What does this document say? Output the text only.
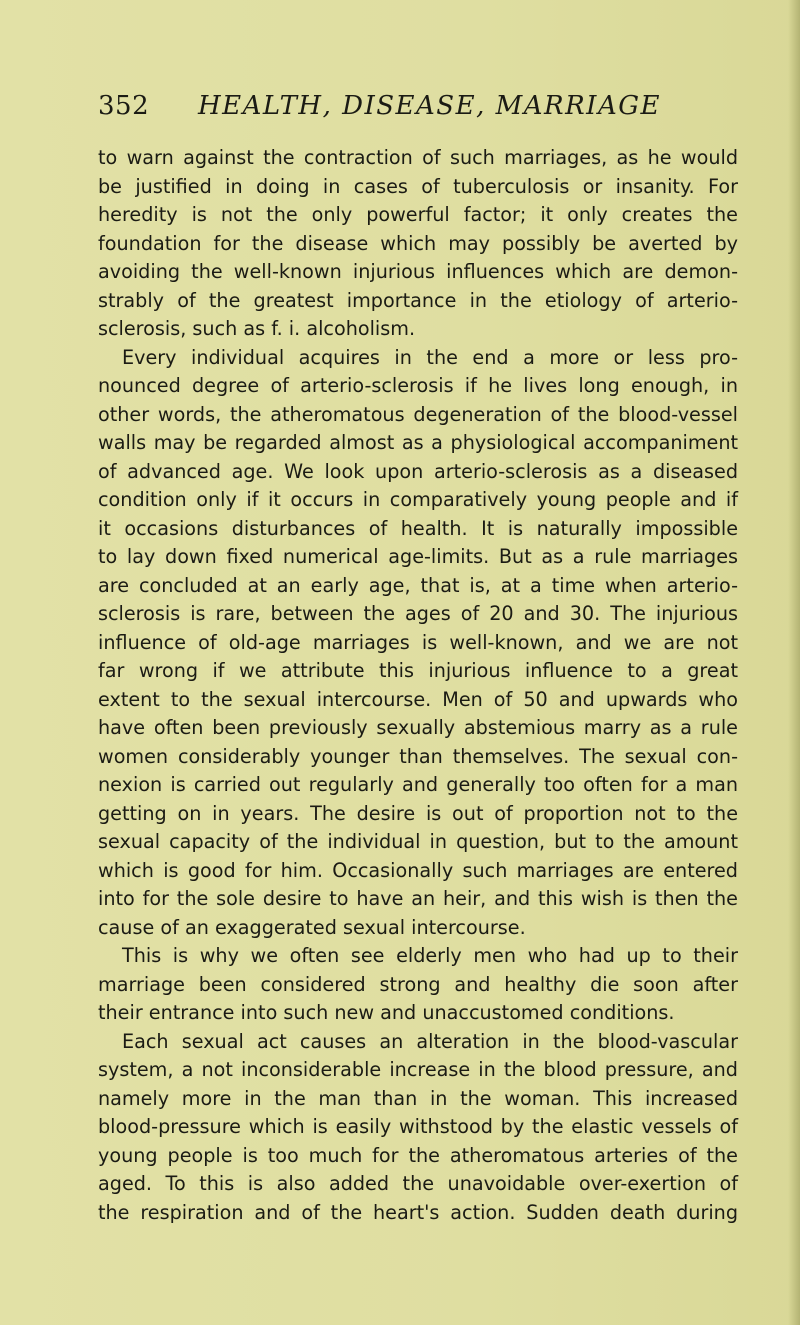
352 HEALTH, DISEASE, MARRIAGE
to warn against the contraction of such marriages, as he would
be justified in doing in cases of tuberculosis or insanity. For
heredity is not the only powerful factor; it only creates the
foundation for the disease which may possibly be averted by
avoiding the well-known injurious influences which are demon-
strably of the greatest importance in the etiology of arterio-
sclerosis, such as f. i. alcoholism.
Every individual acquires in the end a more or less pro-
nounced degree of arterio-sclerosis if he lives long enough, in
other words, the atheromatous degeneration of the blood-vessel
walls may be regarded almost as a physiological accompaniment
of advanced age. We look upon arterio-sclerosis as a diseased
condition only if it occurs in comparatively young people and if
it occasions disturbances of health. It is naturally impossible
to lay down fixed numerical age-limits. But as a rule marriages
are concluded at an early age, that is, at a time when arterio-
sclerosis is rare, between the ages of 20 and 30. The injurious
influence of old-age marriages is well-known, and we are not
far wrong if we attribute this injurious influence to a great
extent to the sexual intercourse. Men of 50 and upwards who
have often been previously sexually abstemious marry as a rule
women considerably younger than themselves. The sexual con-
nexion is carried out regularly and generally too often for a man
getting on in years. The desire is out of proportion not to the
sexual capacity of the individual in question, but to the amount
which is good for him. Occasionally such marriages are entered
into for the sole desire to have an heir, and this wish is then the
cause of an exaggerated sexual intercourse.
This is why we often see elderly men who had up to their
marriage been considered strong and healthy die soon after
their entrance into such new and unaccustomed conditions.
Each sexual act causes an alteration in the blood-vascular
system, a not inconsiderable increase in the blood pressure, and
namely more in the man than in the woman. This increased
blood-pressure which is easily withstood by the elastic vessels of
young people is too much for the atheromatous arteries of the
aged. To this is also added the unavoidable over-exertion of
the respiration and of the heart's action. Sudden death during
